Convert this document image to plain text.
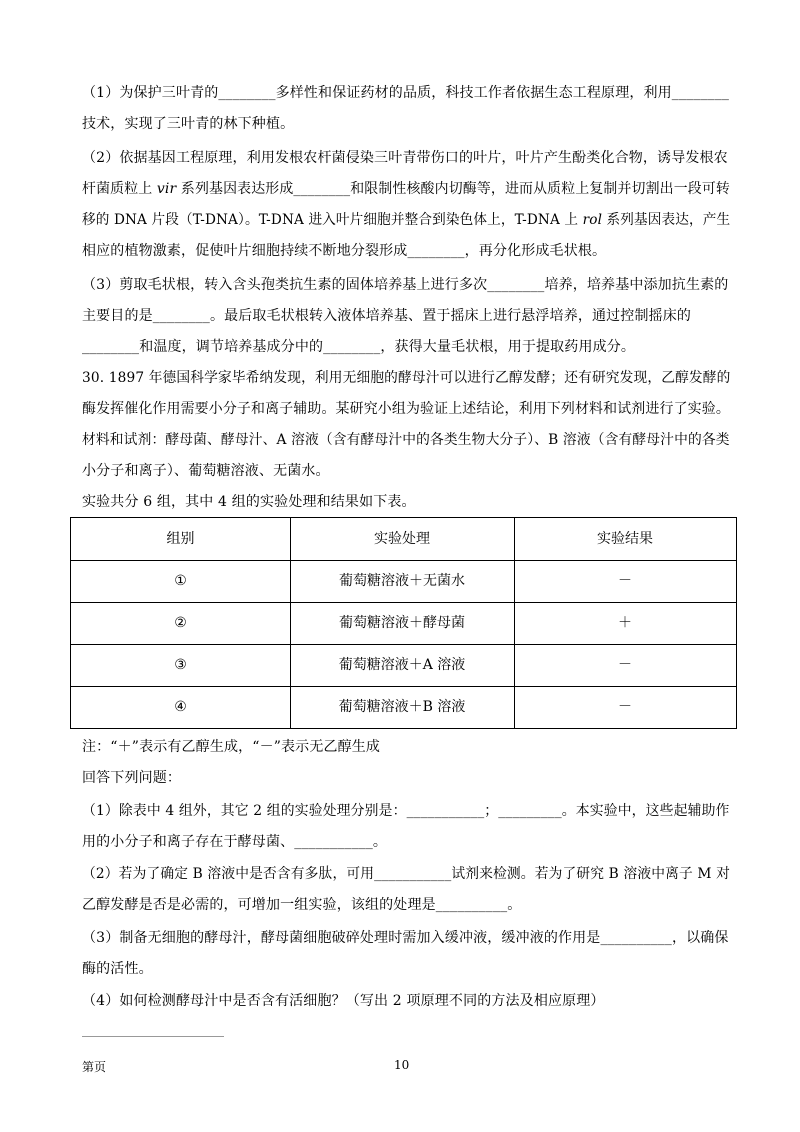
（1）为保护三叶青的________多样性和保证药材的品质，科技工作者依据生态工程原理，利用________
技术，实现了三叶青的林下种植。
（2）依据基因工程原理，利用发根农杆菌侵染三叶青带伤口的叶片，叶片产生酚类化合物，诱导发根农
杆菌质粒上 vir 系列基因表达形成________和限制性核酸内切酶等，进而从质粒上复制并切割出一段可转
移的 DNA 片段（T-DNA）。T-DNA 进入叶片细胞并整合到染色体上，T-DNA 上 rol 系列基因表达，产生
相应的植物激素，促使叶片细胞持续不断地分裂形成________，再分化形成毛状根。
（3）剪取毛状根，转入含头孢类抗生素的固体培养基上进行多次________培养，培养基中添加抗生素的
主要目的是________。最后取毛状根转入液体培养基、置于摇床上进行悬浮培养，通过控制摇床的
________和温度，调节培养基成分中的________，获得大量毛状根，用于提取药用成分。
30. 1897 年德国科学家毕希纳发现，利用无细胞的酵母汁可以进行乙醇发酵；还有研究发现，乙醇发酵的
酶发挥催化作用需要小分子和离子辅助。某研究小组为验证上述结论，利用下列材料和试剂进行了实验。
材料和试剂：酵母菌、酵母汁、A 溶液（含有酵母汁中的各类生物大分子）、B 溶液（含有酵母汁中的各类
小分子和离子）、葡萄糖溶液、无菌水。
实验共分 6 组，其中 4 组的实验处理和结果如下表。
组别	实验处理	实验结果
①	葡萄糖溶液＋无菌水	－
②	葡萄糖溶液＋酵母菌	＋
③	葡萄糖溶液＋A 溶液	－
④	葡萄糖溶液＋B 溶液	－
注：“＋”表示有乙醇生成，“－”表示无乙醇生成
回答下列问题：
（1）除表中 4 组外，其它 2 组的实验处理分别是：___________；_________。本实验中，这些起辅助作
用的小分子和离子存在于酵母菌、___________。
（2）若为了确定 B 溶液中是否含有多肽，可用___________试剂来检测。若为了研究 B 溶液中离子 M 对
乙醇发酵是否是必需的，可增加一组实验，该组的处理是__________。
（3）制备无细胞的酵母汁，酵母菌细胞破碎处理时需加入缓冲液，缓冲液的作用是__________，以确保
酶的活性。
（4）如何检测酵母汁中是否含有活细胞？（写出 2 项原理不同的方法及相应原理）
第页	10
